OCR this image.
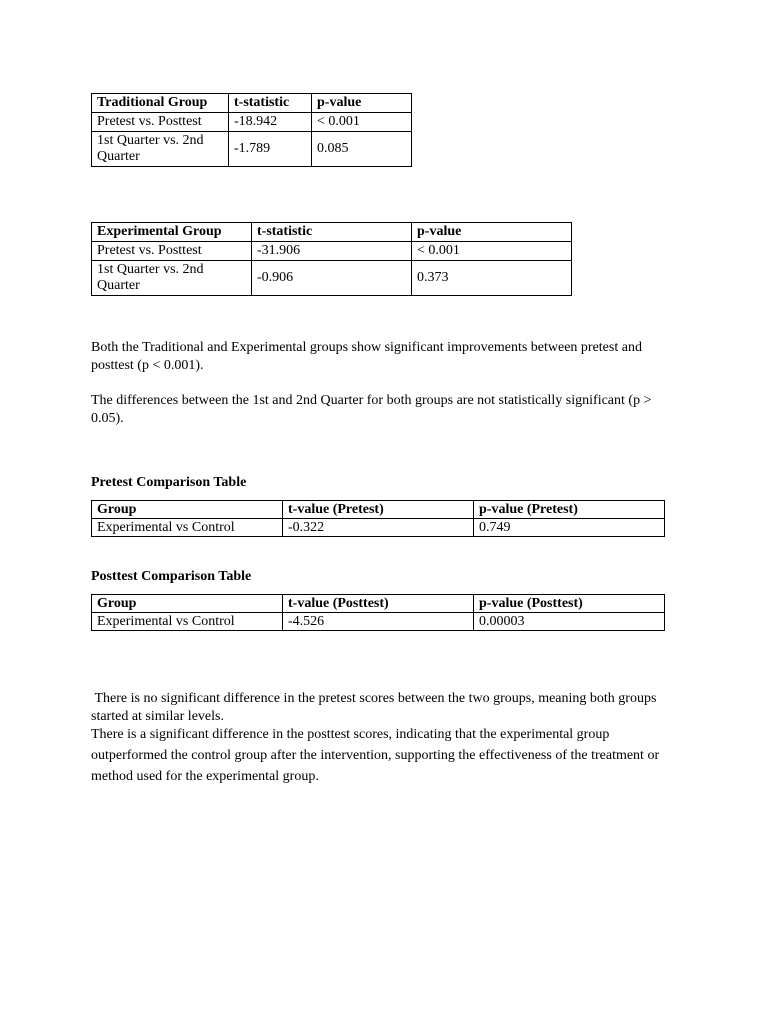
Traditional Group	t-statistic	p-value
Pretest vs. Posttest	-18.942	< 0.001
1st Quarter vs. 2nd Quarter	-1.789	0.085
Experimental Group	t-statistic	p-value
Pretest vs. Posttest	-31.906	< 0.001
1st Quarter vs. 2nd Quarter	-0.906	0.373

Both the Traditional and Experimental groups show significant improvements between pretest and posttest (p < 0.001).

The differences between the 1st and 2nd Quarter for both groups are not statistically significant (p > 0.05).

Pretest Comparison Table

Group	t-value (Pretest)	p-value (Pretest)
Experimental vs Control	-0.322	0.749

Posttest Comparison Table

Group	t-value (Posttest)	p-value (Posttest)
Experimental vs Control	-4.526	0.00003

There is no significant difference in the pretest scores between the two groups, meaning both groups started at similar levels.

There is a significant difference in the posttest scores, indicating that the experimental group outperformed the control group after the intervention, supporting the effectiveness of the treatment or method used for the experimental group.
